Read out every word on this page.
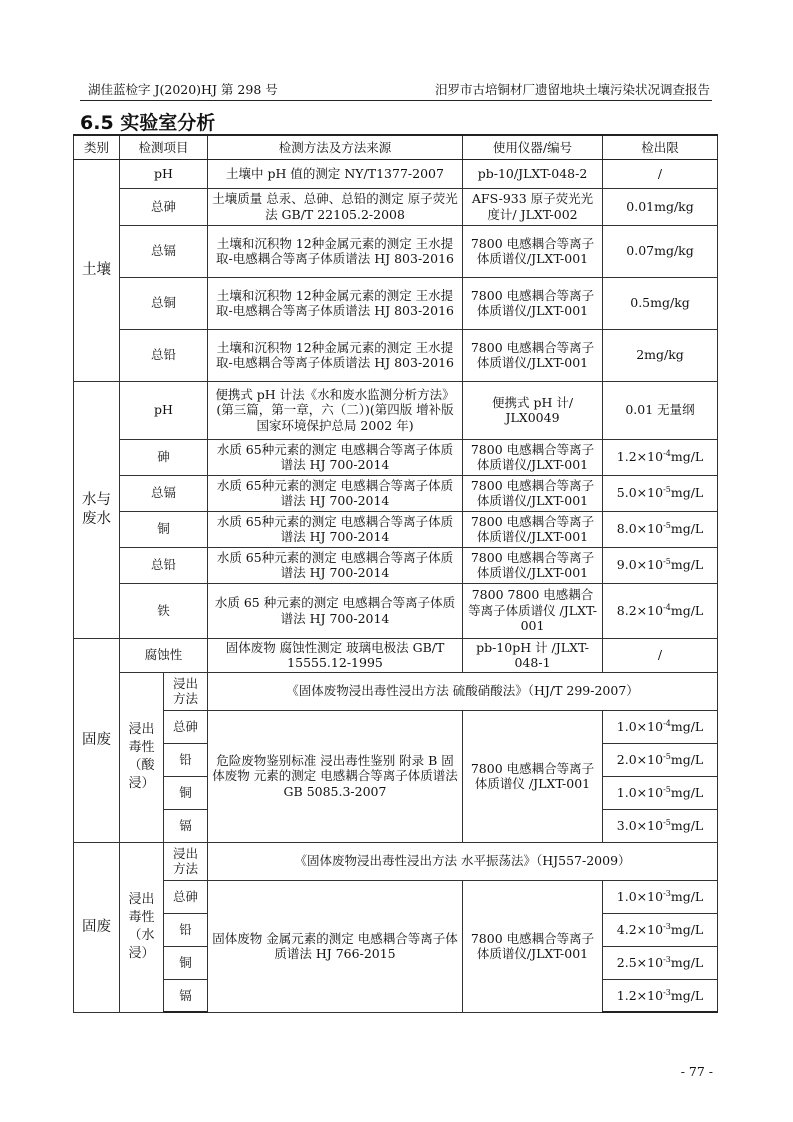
湖佳蓝检字 J(2020)HJ 第 298 号	汨罗市古培铜材厂遗留地块土壤污染状况调查报告
6.5 实验室分析
类别	检测项目		检测方法及方法来源	使用仪器/编号	检出限
土壤	pH		土壤中 pH 值的测定 NY/T1377-2007	pb-10/JLXT-048-2	/
	总砷		土壤质量 总汞、总砷、总铅的测定 原子荧光法 GB/T 22105.2-2008	AFS-933 原子荧光光度计/ JLXT-002	0.01mg/kg
	总镉		土壤和沉积物 12种金属元素的测定 王水提取-电感耦合等离子体质谱法 HJ 803-2016	7800 电感耦合等离子体质谱仪/JLXT-001	0.07mg/kg
	总铜		土壤和沉积物 12种金属元素的测定 王水提取-电感耦合等离子体质谱法 HJ 803-2016	7800 电感耦合等离子体质谱仪/JLXT-001	0.5mg/kg
	总铅		土壤和沉积物 12种金属元素的测定 王水提取-电感耦合等离子体质谱法 HJ 803-2016	7800 电感耦合等离子体质谱仪/JLXT-001	2mg/kg
水与废水	pH		便携式 pH 计法《水和废水监测分析方法》(第三篇，第一章，六（二）)(第四版 增补版 国家环境保护总局 2002 年)	便携式 pH 计/ JLX0049	0.01 无量纲
	砷		水质 65种元素的测定 电感耦合等离子体质谱法 HJ 700-2014	7800 电感耦合等离子体质谱仪/JLXT-001	$1.2\times 10^{-4}mg/L$
	总镉		水质 65种元素的测定 电感耦合等离子体质谱法 HJ 700-2014	7800 电感耦合等离子体质谱仪/JLXT-001	$5.0\times 10^{-5}mg/L$
	铜		水质 65种元素的测定 电感耦合等离子体质谱法 HJ 700-2014	7800 电感耦合等离子体质谱仪/JLXT-001	$8.0\times 10^{-5}mg/L$
	总铅		水质 65种元素的测定 电感耦合等离子体质谱法 HJ 700-2014	7800 电感耦合等离子体质谱仪/JLXT-001	$9.0\times 10^{-5}mg/L$
	铁		水质 65 种元素的测定 电感耦合等离子体质谱法 HJ 700-2014	7800 7800 电感耦合等离子体质谱仪 /JLXT-001	$8.2\times 10^{-4}mg/L$
固废	腐蚀性		固体废物 腐蚀性测定 玻璃电极法 GB/T 15555.12-1995	pb-10pH 计 /JLXT-048-1	/
	浸出毒性（酸浸）	浸出方法	《固体废物浸出毒性浸出方法 硫酸硝酸法》（HJ/T 299-2007）		
		总砷	危险废物鉴别标准 浸出毒性鉴别 附录 B 固体废物 元素的测定 电感耦合等离子体质谱法 GB 5085.3-2007	7800 电感耦合等离子体质谱仪 /JLXT-001	$1.0\times 10^{-4}mg/L$
		铅			$2.0\times 10^{-5}mg/L$
		铜			$1.0\times 10^{-5}mg/L$
		镉			$3.0\times 10^{-5}mg/L$
固废	浸出毒性（水浸）	浸出方法	《固体废物浸出毒性浸出方法 水平振荡法》（HJ557-2009）		
		总砷	固体废物 金属元素的测定 电感耦合等离子体质谱法 HJ 766-2015	7800 电感耦合等离子体质谱仪/JLXT-001	$1.0\times 10^{-3}mg/L$
		铅			$4.2\times 10^{-3}mg/L$
		铜			$2.5\times 10^{-3}mg/L$
		镉			$1.2\times 10^{-3}mg/L$
- 77 -
